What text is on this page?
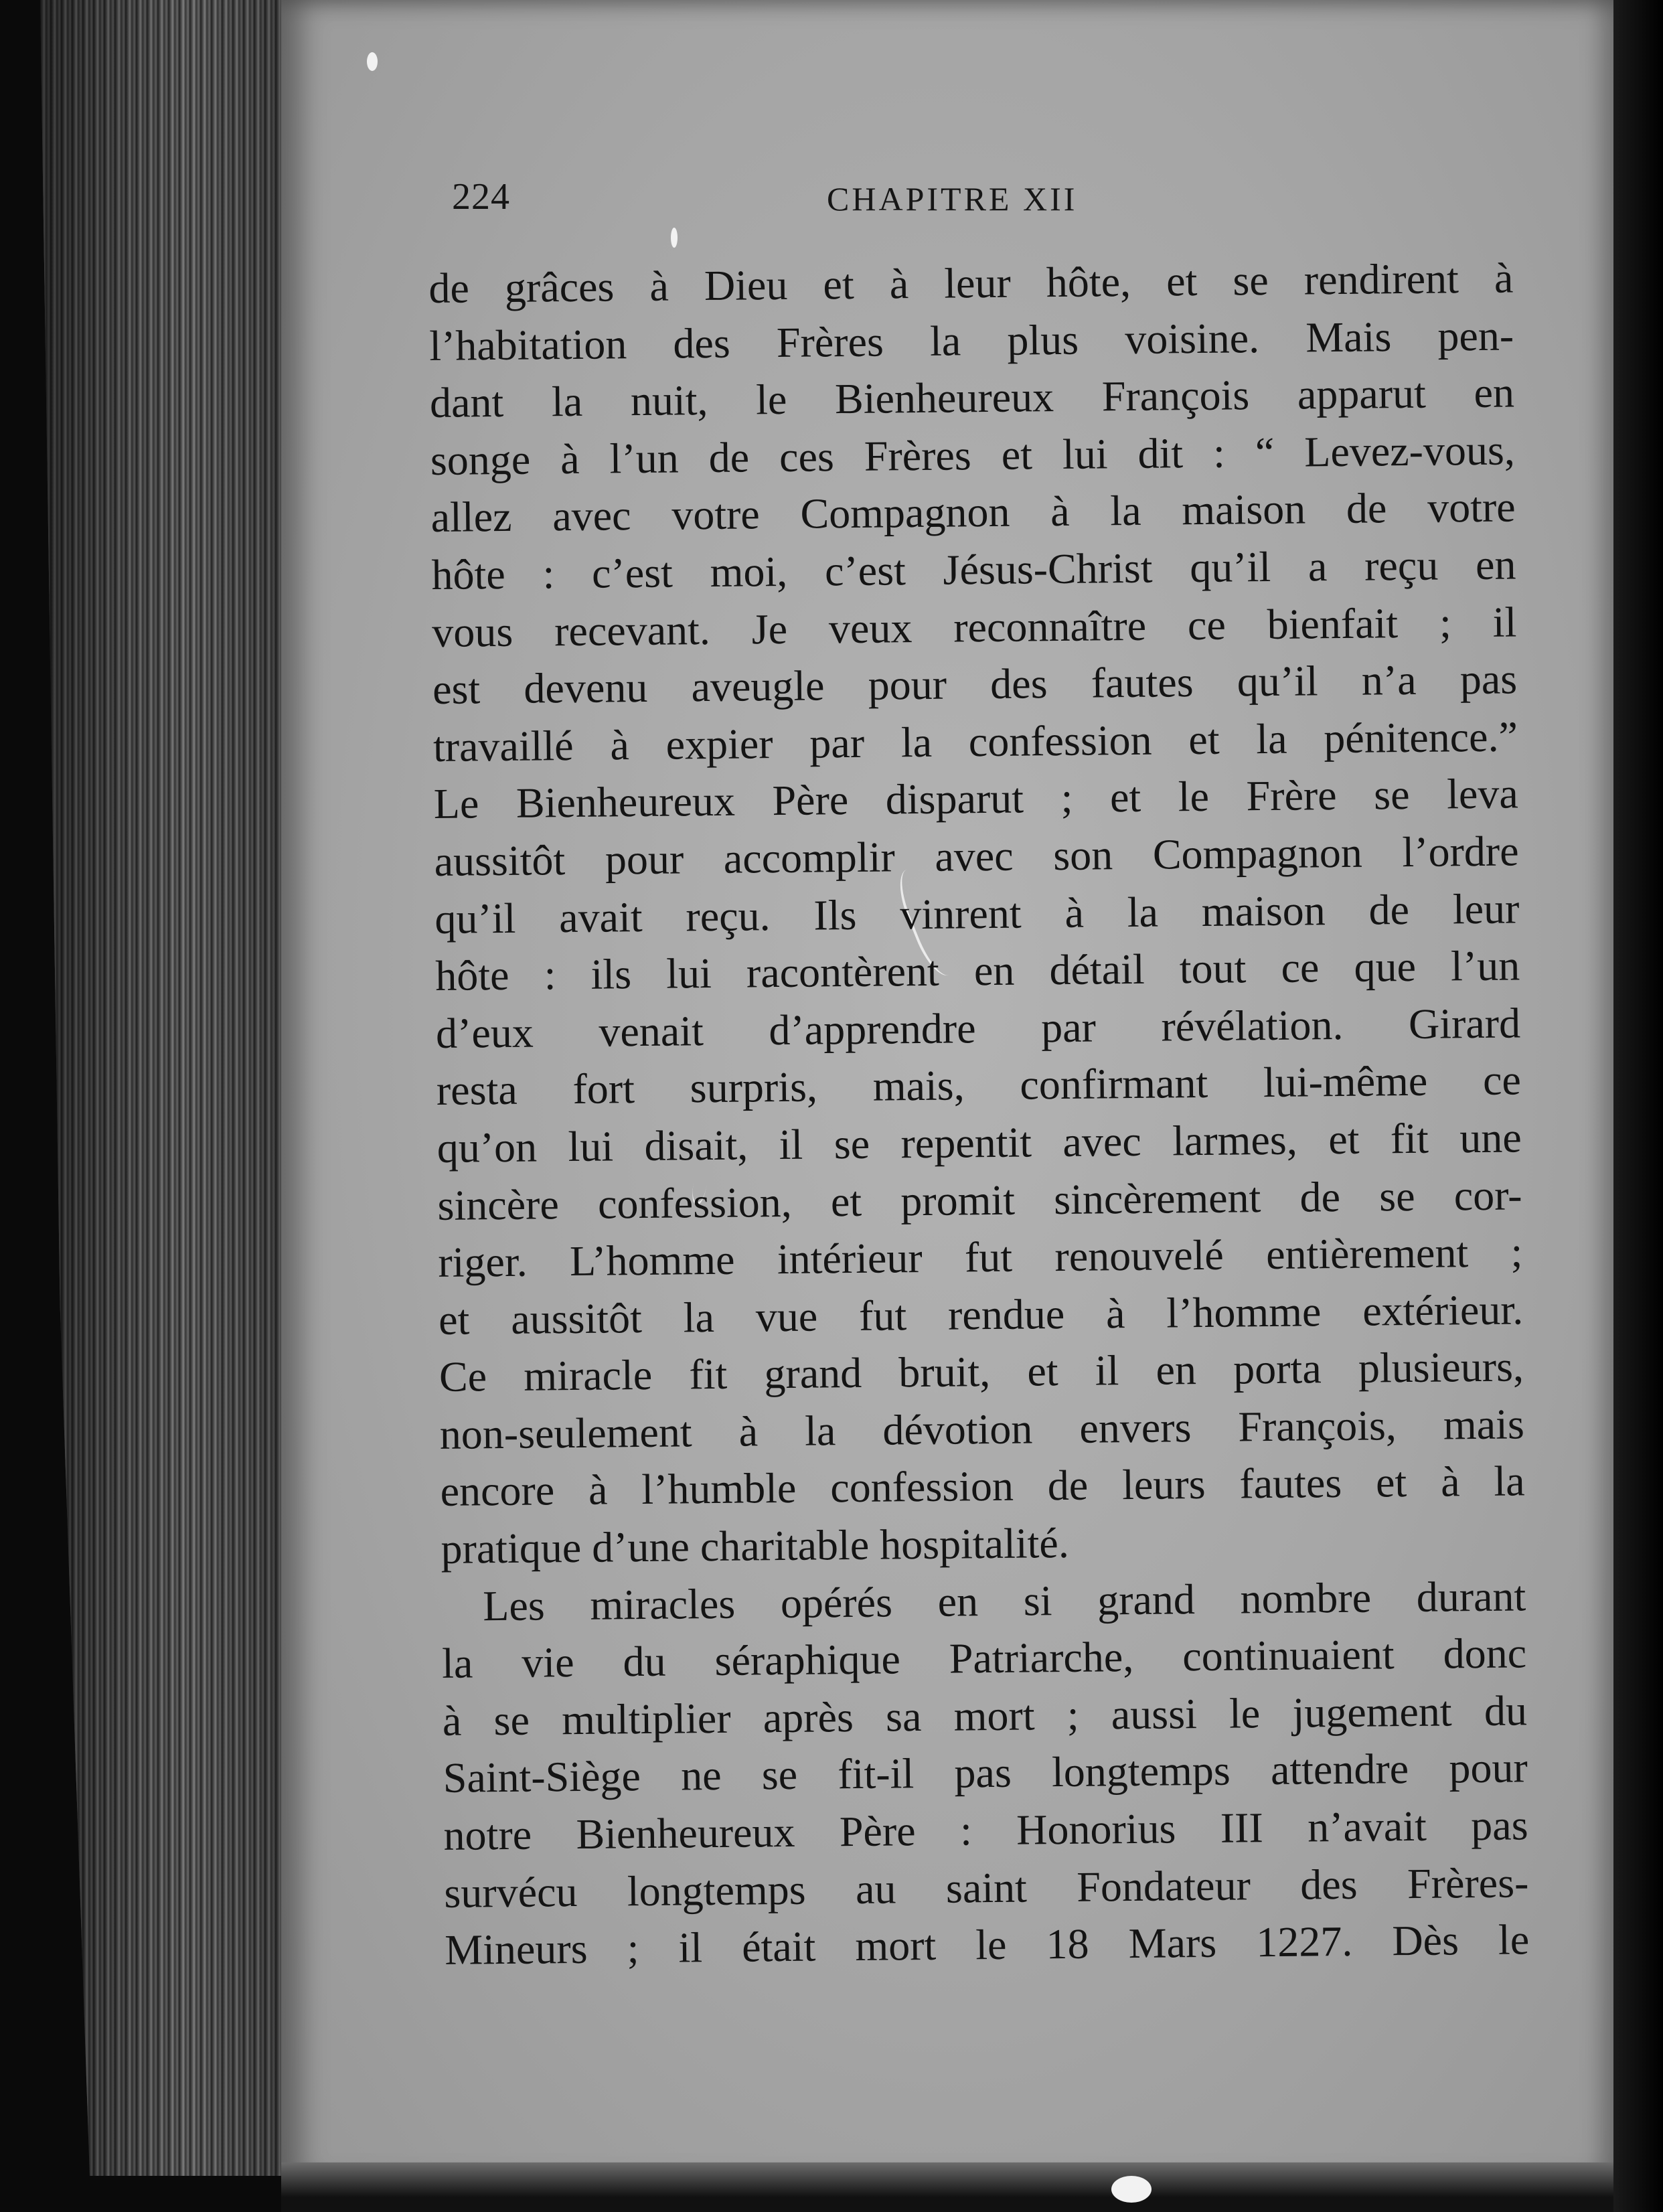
224	CHAPITRE XII
de grâces à Dieu et à leur hôte, et se rendirent à
l’habitation des Frères la plus voisine. Mais pen-
dant la nuit, le Bienheureux François apparut en
songe à l’un de ces Frères et lui dit : “ Levez-vous,
allez avec votre Compagnon à la maison de votre
hôte : c’est moi, c’est Jésus-Christ qu’il a reçu en
vous recevant. Je veux reconnaître ce bienfait ; il
est devenu aveugle pour des fautes qu’il n’a pas
travaillé à expier par la confession et la pénitence.”
Le Bienheureux Père disparut ; et le Frère se leva
aussitôt pour accomplir avec son Compagnon l’ordre
qu’il avait reçu. Ils vinrent à la maison de leur
hôte : ils lui racontèrent en détail tout ce que l’un
d’eux venait d’apprendre par révélation. Girard
resta fort surpris, mais, confirmant lui-même ce
qu’on lui disait, il se repentit avec larmes, et fit une
sincère confession, et promit sincèrement de se cor-
riger. L’homme intérieur fut renouvelé entièrement ;
et aussitôt la vue fut rendue à l’homme extérieur.
Ce miracle fit grand bruit, et il en porta plusieurs,
non-seulement à la dévotion envers François, mais
encore à l’humble confession de leurs fautes et à la
pratique d’une charitable hospitalité.
Les miracles opérés en si grand nombre durant
la vie du séraphique Patriarche, continuaient donc
à se multiplier après sa mort ; aussi le jugement du
Saint-Siège ne se fit-il pas longtemps attendre pour
notre Bienheureux Père : Honorius III n’avait pas
survécu longtemps au saint Fondateur des Frères-
Mineurs ; il était mort le 18 Mars 1227. Dès le
